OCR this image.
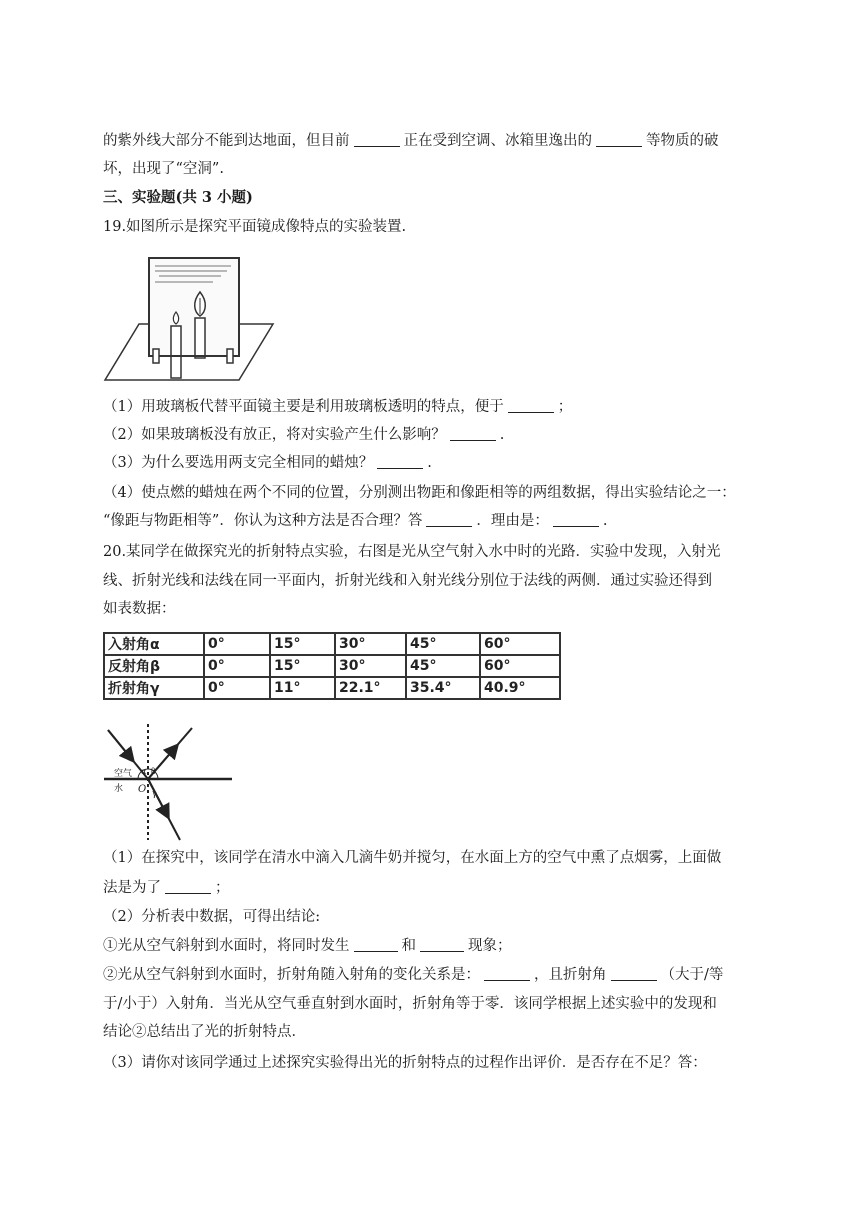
的紫外线大部分不能到达地面，但目前	正在受到空调、冰箱里逸出的	等物质的破
坏，出现了“空洞”.
三、实验题(共 3 小题)
19.如图所示是探究平面镜成像特点的实验装置.
（1）用玻璃板代替平面镜主要是利用玻璃板透明的特点，便于	；
（2）如果玻璃板没有放正，将对实验产生什么影响？	.
（3）为什么要选用两支完全相同的蜡烛？	.
（4）使点燃的蜡烛在两个不同的位置，分别测出物距和像距相等的两组数据，得出实验结论之一：
“像距与物距相等”．你认为这种方法是否合理？答	．理由是：	.
20.某同学在做探究光的折射特点实验，右图是光从空气射入水中时的光路．实验中发现，入射光
线、折射光线和法线在同一平面内，折射光线和入射光线分别位于法线的两侧．通过实验还得到
如表数据：
入射角α	0°	15°	30°	45°	60°
反射角β	0°	15°	30°	45°	60°
折射角γ	0°	11°	22.1°	35.4°	40.9°
空气
水 O
α β
γ
（1）在探究中，该同学在清水中滴入几滴牛奶并搅匀，在水面上方的空气中熏了点烟雾，上面做
法是为了	；
（2）分析表中数据，可得出结论:
①光从空气斜射到水面时，将同时发生	和	现象；
②光从空气斜射到水面时，折射角随入射角的变化关系是：	，且折射角	（大于/等
于/小于）入射角．当光从空气垂直射到水面时，折射角等于零．该同学根据上述实验中的发现和
结论②总结出了光的折射特点．
（3）请你对该同学通过上述探究实验得出光的折射特点的过程作出评价．是否存在不足？答：
